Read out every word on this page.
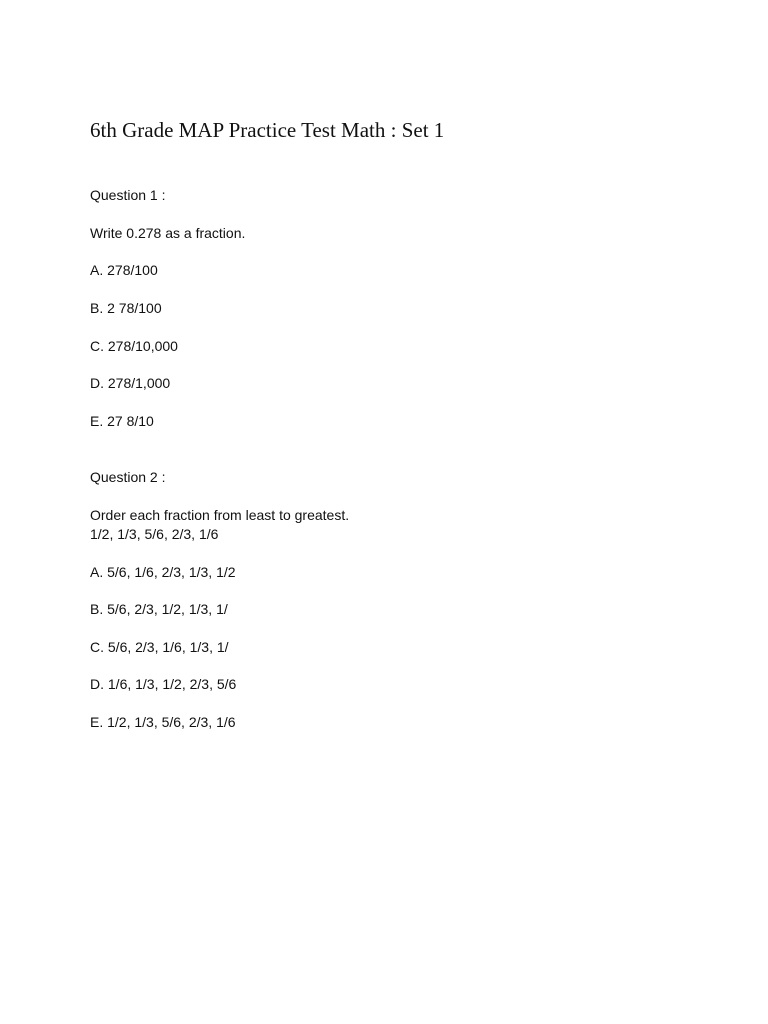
6th Grade MAP Practice Test Math : Set 1

Question 1 :

Write 0.278 as a fraction.

A. 278/100

B. 2 78/100

C. 278/10,000

D. 278/1,000

E. 27 8/10

Question 2 :

Order each fraction from least to greatest.

1/2, 1/3, 5/6, 2/3, 1/6

A. 5/6, 1/6, 2/3, 1/3, 1/2

B. 5/6, 2/3, 1/2, 1/3, 1/

C. 5/6, 2/3, 1/6, 1/3, 1/

D. 1/6, 1/3, 1/2, 2/3, 5/6

E. 1/2, 1/3, 5/6, 2/3, 1/6
